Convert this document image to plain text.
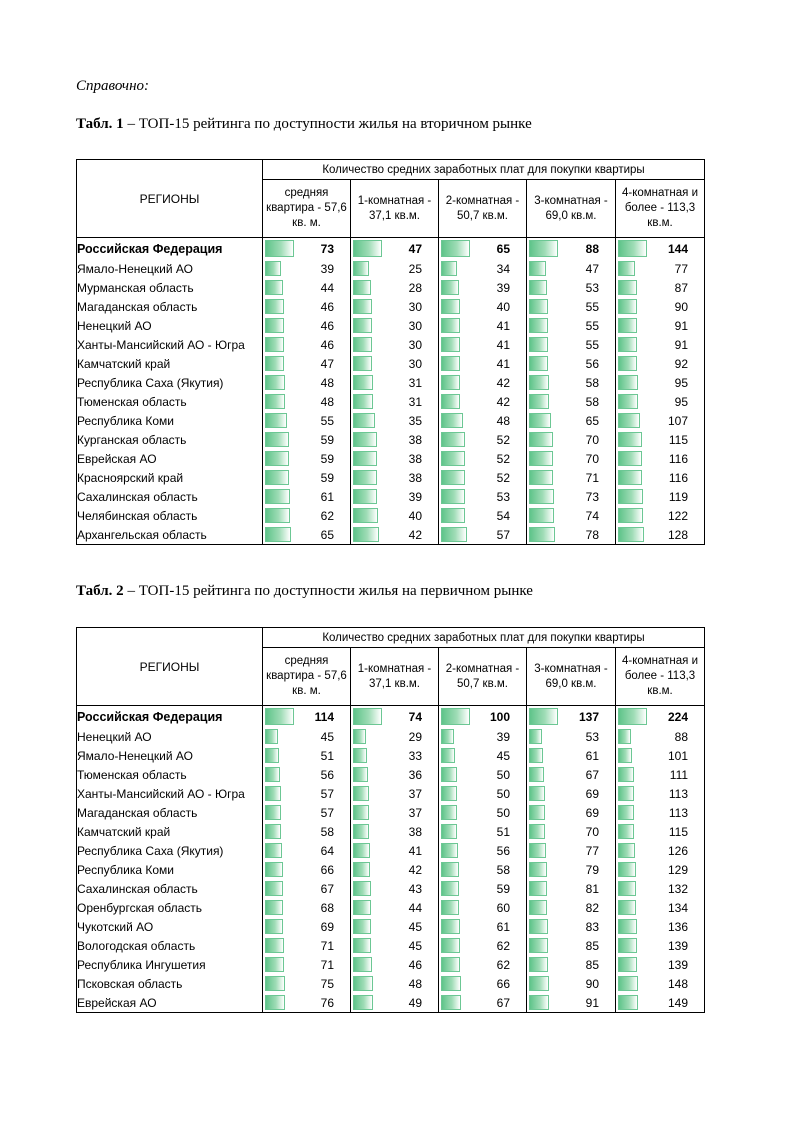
Справочно:
Табл. 1 – ТОП-15 рейтинга по доступности жилья на вторичном рынке
РЕГИОНЫ	Количество средних заработных плат для покупки квартиры				
	средняя квартира - 57,6 кв. м.	1-комнатная - 37,1 кв.м.	2-комнатная - 50,7 кв.м.	3-комнатная - 69,0 кв.м.	4-комнатная и более - 113,3 кв.м.
Российская Федерация	73	47	65	88	144

Ямало-Ненецкий АО	39	25	34	47	77

Мурманская область	44	28	39	53	87

Магаданская область	46	30	40	55	90

Ненецкий АО	46	30	41	55	91

Ханты-Мансийский АО - Югра	46	30	41	55	91

Камчатский край	47	30	41	56	92

Республика Саха (Якутия)	48	31	42	58	95

Тюменская область	48	31	42	58	95

Республика Коми	55	35	48	65	107

Курганская область	59	38	52	70	115

Еврейская АО	59	38	52	70	116

Красноярский край	59	38	52	71	116

Сахалинская область	61	39	53	73	119

Челябинская область	62	40	54	74	122

Архангельская область	65	42	57	78	128
Табл. 2 – ТОП-15 рейтинга по доступности жилья на первичном рынке
РЕГИОНЫ	Количество средних заработных плат для покупки квартиры				
	средняя квартира - 57,6 кв. м.	1-комнатная - 37,1 кв.м.	2-комнатная - 50,7 кв.м.	3-комнатная - 69,0 кв.м.	4-комнатная и более - 113,3 кв.м.
Российская Федерация	114	74	100	137	224

Ненецкий АО	45	29	39	53	88

Ямало-Ненецкий АО	51	33	45	61	101

Тюменская область	56	36	50	67	111

Ханты-Мансийский АО - Югра	57	37	50	69	113

Магаданская область	57	37	50	69	113

Камчатский край	58	38	51	70	115

Республика Саха (Якутия)	64	41	56	77	126

Республика Коми	66	42	58	79	129

Сахалинская область	67	43	59	81	132

Оренбургская область	68	44	60	82	134

Чукотский АО	69	45	61	83	136

Вологодская область	71	45	62	85	139

Республика Ингушетия	71	46	62	85	139

Псковская область	75	48	66	90	148

Еврейская АО	76	49	67	91	149
